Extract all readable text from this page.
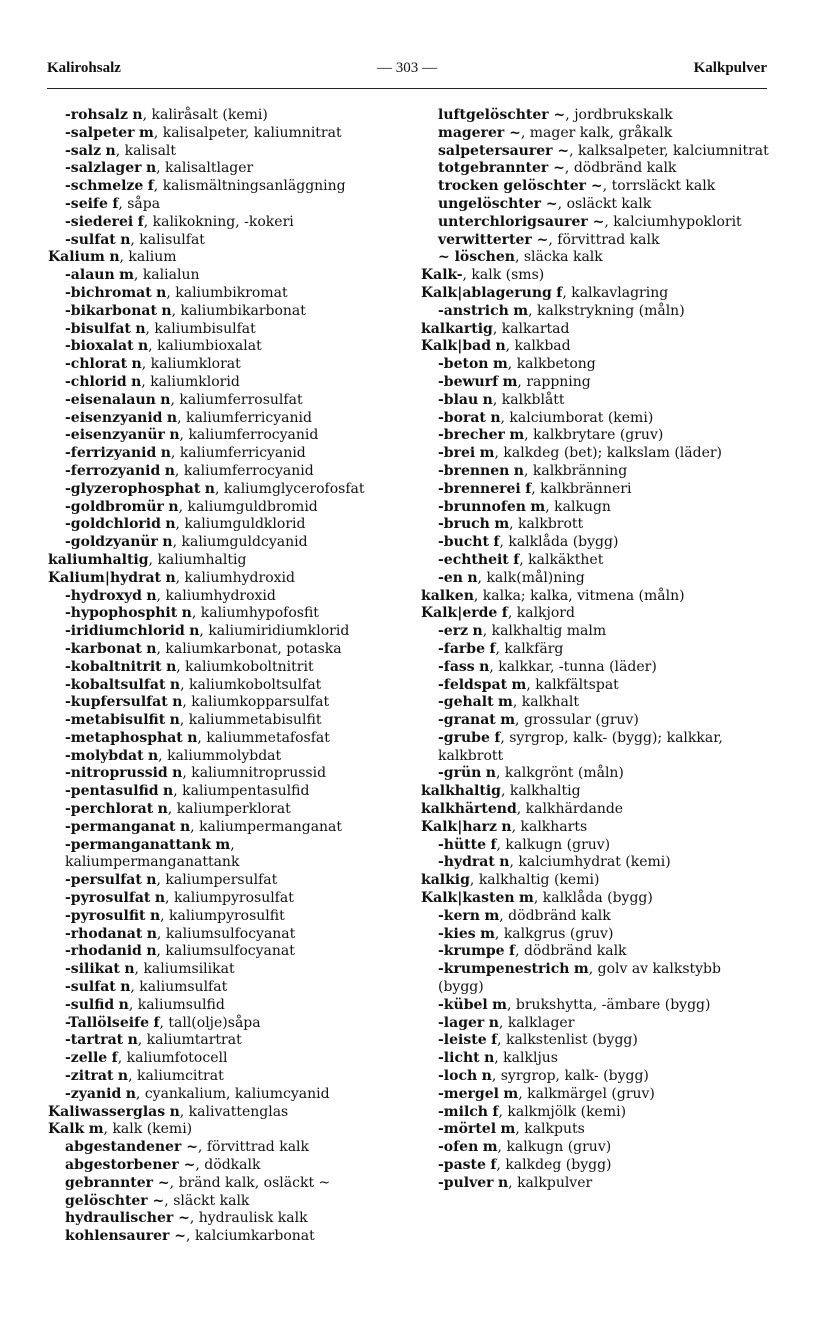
Kalirohsalz	— 303 —	Kalkpulver
-rohsalz n, kaliråsalt (kemi)
-salpeter m, kalisalpeter, kaliumnitrat
-salz n, kalisalt
-salzlager n, kalisaltlager
-schmelze f, kalismältningsanläggning
-seife f, såpa
-siederei f, kalikokning, -kokeri
-sulfat n, kalisulfat
Kalium n, kalium
-alaun m, kalialun
-bichromat n, kaliumbikromat
-bikarbonat n, kaliumbikarbonat
-bisulfat n, kaliumbisulfat
-bioxalat n, kaliumbioxalat
-chlorat n, kaliumklorat
-chlorid n, kaliumklorid
-eisenalaun n, kaliumferrosulfat
-eisenzyanid n, kaliumferricyanid
-eisenzyanür n, kaliumferrocyanid
-ferrizyanid n, kaliumferricyanid
-ferrozyanid n, kaliumferrocyanid
-glyzerophosphat n, kaliumglycerofosfat
-goldbromür n, kaliumguldbromid
-goldchlorid n, kaliumguldklorid
-goldzyanür n, kaliumguldcyanid
kaliumhaltig, kaliumhaltig
Kalium|hydrat n, kaliumhydroxid
-hydroxyd n, kaliumhydroxid
-hypophosphit n, kaliumhypofosfit
-iridiumchlorid n, kaliumiridiumklorid
-karbonat n, kaliumkarbonat, potaska
-kobaltnitrit n, kaliumkoboltnitrit
-kobaltsulfat n, kaliumkoboltsulfat
-kupfersulfat n, kaliumkopparsulfat
-metabisulfit n, kaliummetabisulfit
-metaphosphat n, kaliummetafosfat
-molybdat n, kaliummolybdat
-nitroprussid n, kaliumnitroprussid
-pentasulfid n, kaliumpentasulfid
-perchlorat n, kaliumperklorat
-permanganat n, kaliumpermanganat
-permanganattank m, kaliumpermanganattank
-persulfat n, kaliumpersulfat
-pyrosulfat n, kaliumpyrosulfat
-pyrosulfit n, kaliumpyrosulfit
-rhodanat n, kaliumsulfocyanat
-rhodanid n, kaliumsulfocyanat
-silikat n, kaliumsilikat
-sulfat n, kaliumsulfat
-sulfid n, kaliumsulfid
-Tallölseife f, tall(olje)såpa
-tartrat n, kaliumtartrat
-zelle f, kaliumfotocell
-zitrat n, kaliumcitrat
-zyanid n, cyankalium, kaliumcyanid
Kaliwasserglas n, kalivattenglas
Kalk m, kalk (kemi)
abgestandener ~, förvittrad kalk
abgestorbener ~, dödkalk
gebrannter ~, bränd kalk, osläckt ~
gelöschter ~, släckt kalk
hydraulischer ~, hydraulisk kalk
kohlensaurer ~, kalciumkarbonat
luftgelöschter ~, jordbrukskalk
magerer ~, mager kalk, gråkalk
salpetersaurer ~, kalksalpeter, kalciumnitrat
totgebrannter ~, dödbränd kalk
trocken gelöschter ~, torrsläckt kalk
ungelöschter ~, osläckt kalk
unterchlorigsaurer ~, kalciumhypoklorit
verwitterter ~, förvittrad kalk
~ löschen, släcka kalk
Kalk-, kalk (sms)
Kalk|ablagerung f, kalkavlagring
-anstrich m, kalkstrykning (måln)
kalkartig, kalkartad
Kalk|bad n, kalkbad
-beton m, kalkbetong
-bewurf m, rappning
-blau n, kalkblått
-borat n, kalciumborat (kemi)
-brecher m, kalkbrytare (gruv)
-brei m, kalkdeg (bet); kalkslam (läder)
-brennen n, kalkbränning
-brennerei f, kalkbränneri
-brunnofen m, kalkugn
-bruch m, kalkbrott
-bucht f, kalklåda (bygg)
-echtheit f, kalkäkthet
-en n, kalk(mål)ning
kalken, kalka; kalka, vitmena (måln)
Kalk|erde f, kalkjord
-erz n, kalkhaltig malm
-farbe f, kalkfärg
-fass n, kalkkar, -tunna (läder)
-feldspat m, kalkfältspat
-gehalt m, kalkhalt
-granat m, grossular (gruv)
-grube f, syrgrop, kalk- (bygg); kalkkar, kalkbrott
-grün n, kalkgrönt (måln)
kalkhaltig, kalkhaltig
kalkhärtend, kalkhärdande
Kalk|harz n, kalkharts
-hütte f, kalkugn (gruv)
-hydrat n, kalciumhydrat (kemi)
kalkig, kalkhaltig (kemi)
Kalk|kasten m, kalklåda (bygg)
-kern m, dödbränd kalk
-kies m, kalkgrus (gruv)
-krumpe f, dödbränd kalk
-krumpenestrich m, golv av kalkstybb (bygg)
-kübel m, brukshytta, -ämbare (bygg)
-lager n, kalklager
-leiste f, kalkstenlist (bygg)
-licht n, kalkljus
-loch n, syrgrop, kalk- (bygg)
-mergel m, kalkmärgel (gruv)
-milch f, kalkmjölk (kemi)
-mörtel m, kalkputs
-ofen m, kalkugn (gruv)
-paste f, kalkdeg (bygg)
-pulver n, kalkpulver
